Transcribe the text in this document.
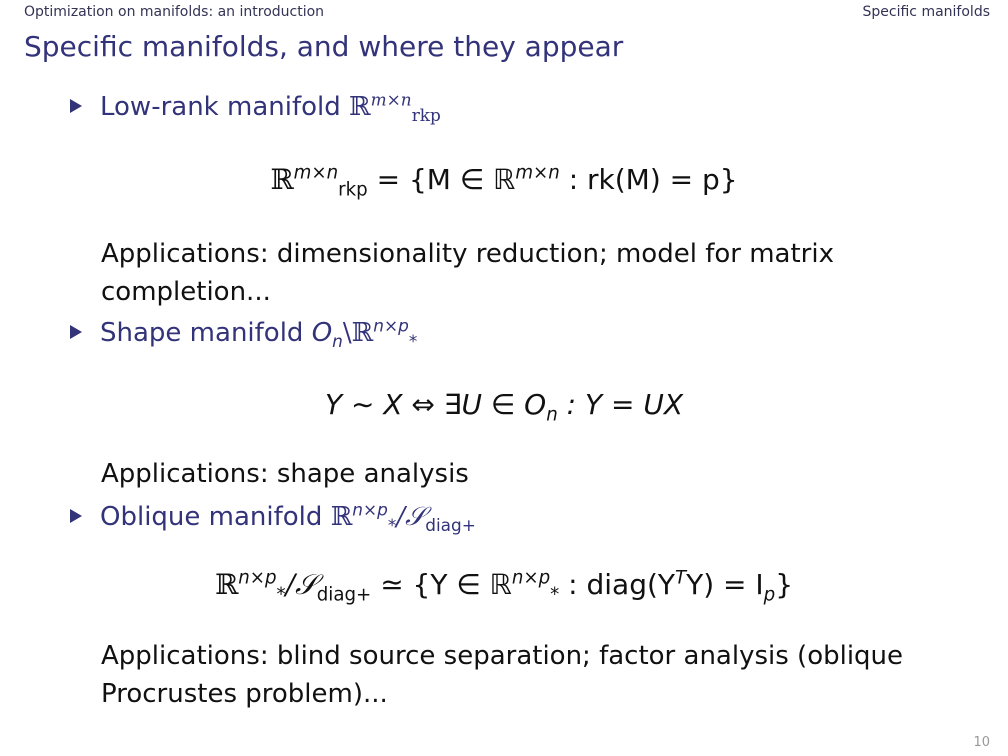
Optimization on manifolds: an introduction	Specific manifolds
Specific manifolds, and where they appear
Low-rank manifold ℝ$^{m\times n}_{rkp}$
ℝ$^{m\times n}_{rkp}$ = {M ∈ ℝ$^{m\times n}$ : rk(M) = p}
Applications: dimensionality reduction; model for matrix completion...
Shape manifold $O_n\backslash ℝ^{n\times p}_*$
Y ∼ X ⇔ ∃U ∈ $O_n$ : Y = UX
Applications: shape analysis
Oblique manifold ℝ$^{n\times p}_*$/𝒮$_{diag+}$
ℝ$^{n\times p}_*$/𝒮$_{diag+}$ ≃ {Y ∈ ℝ$^{n\times p}_*$ : $diag(Y^TY) = I_p$}
Applications: blind source separation; factor analysis (oblique Procrustes problem)...
10
